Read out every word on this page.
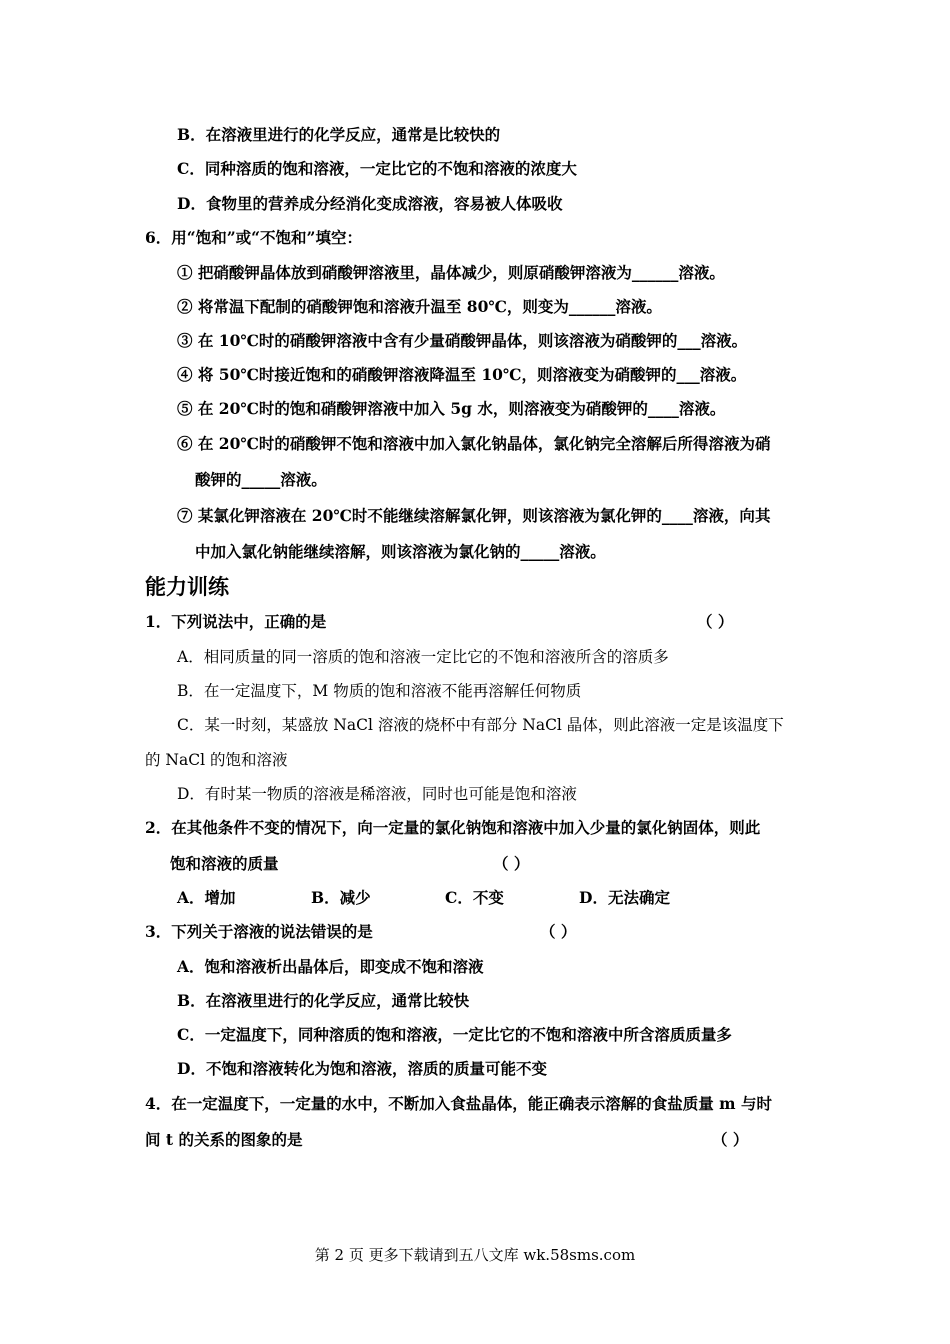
B．在溶液里进行的化学反应，通常是比较快的
C．同种溶质的饱和溶液，一定比它的不饱和溶液的浓度大
D．食物里的营养成分经消化变成溶液，容易被人体吸收
6．用“饱和”或“不饱和”填空：
① 把硝酸钾晶体放到硝酸钾溶液里，晶体减少，则原硝酸钾溶液为______溶液。
② 将常温下配制的硝酸钾饱和溶液升温至 80℃，则变为______溶液。
③ 在 10℃时的硝酸钾溶液中含有少量硝酸钾晶体，则该溶液为硝酸钾的___溶液。
④ 将 50℃时接近饱和的硝酸钾溶液降温至 10℃，则溶液变为硝酸钾的___溶液。
⑤ 在 20℃时的饱和硝酸钾溶液中加入 5g 水，则溶液变为硝酸钾的____溶液。
⑥ 在 20℃时的硝酸钾不饱和溶液中加入氯化钠晶体，氯化钠完全溶解后所得溶液为硝
酸钾的_____溶液。
⑦ 某氯化钾溶液在 20℃时不能继续溶解氯化钾，则该溶液为氯化钾的____溶液，向其
中加入氯化钠能继续溶解，则该溶液为氯化钠的_____溶液。
能力训练
1．下列说法中，正确的是	（ ）
A．相同质量的同一溶质的饱和溶液一定比它的不饱和溶液所含的溶质多
B．在一定温度下，M 物质的饱和溶液不能再溶解任何物质
C．某一时刻，某盛放 NaCl 溶液的烧杯中有部分 NaCl 晶体，则此溶液一定是该温度下
的 NaCl 的饱和溶液
D．有时某一物质的溶液是稀溶液，同时也可能是饱和溶液
2．在其他条件不变的情况下，向一定量的氯化钠饱和溶液中加入少量的氯化钠固体，则此
饱和溶液的质量	（ ）
A．增加	B．减少	C．不变	D．无法确定
3．下列关于溶液的说法错误的是	（ ）
A．饱和溶液析出晶体后，即变成不饱和溶液
B．在溶液里进行的化学反应，通常比较快
C．一定温度下，同种溶质的饱和溶液，一定比它的不饱和溶液中所含溶质质量多
D．不饱和溶液转化为饱和溶液，溶质的质量可能不变
4．在一定温度下，一定量的水中，不断加入食盐晶体，能正确表示溶解的食盐质量 m 与时
间 t 的关系的图象的是	（ ）
第 2 页 更多下载请到五八文库 wk.58sms.com
